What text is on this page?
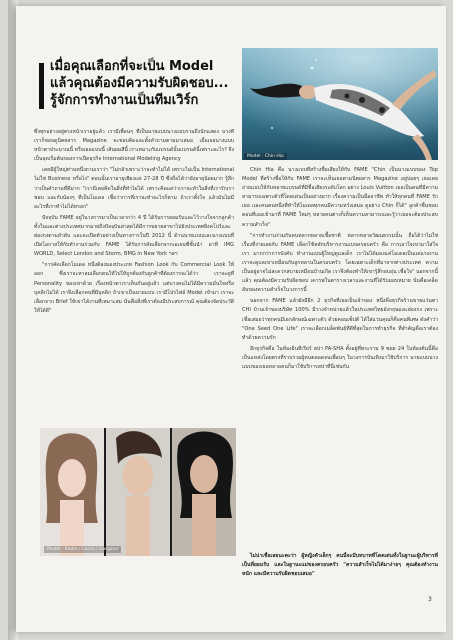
เมื่อคุณเลือกที่จะเป็น Model
แล้วคุณต้องมีความรับผิดชอบ...
รู้จักการทำงานเป็นทีมเวิร์ก
Model : Chin Hia

ซึ่งทุกอย่างอยู่ตรงหน้าเราอยู่แล้ว เรามีเพื่อนๆ ที่เป็นนายแบบนางแบบรวมถึงนักแสดง บางทีเราก็ชอบดูนิตยสาร Magazine จะชอบคิดและตั้งคำถามตามมาเสมอ เมื่อเจอนางแบบหน้าตาประมาณนี้ หรือเธอแบบนี้ เส้นผมสีนี้ เราเหมาะกับแบรนด์นั้นแบรนด์นี้เพราะอะไร? จึงเป็นจุดเริ่มต้นของการเปิดธุรกิจ International Modeling Agency

เคยมีผู้ใหญ่ท่านหนึ่งถามเราว่า "ไม่กลัวเพราะว่าจะทำไม่ได้ เพราะไม่เป็น International ไม่ใช่ Business หรือไง" ตอนนั้นเราอายุเพียงแค่ 27-28 ปี ซึ่งถือได้ว่ายังอายุน้อยมาก รู้สึกว่าเป็นคำถามที่ดีมาก "เรามีเคยคิดในสิ่งที่ทำไม่ได้ เพราะคิดแค่ว่าเราจะทำในสิ่งที่เรารักเราชอบ และกับน้องๆ ที่เป็นโมเดล เชื่อว่าการที่เราจะทำอะไรก็ตาม ถ้าเราตั้งใจ แล้วมันไม่มีอะไรที่เราทำไม่ได้หรอก"

ปัจจุบัน FAME อยู่ในวงการมาเป็นเวลากว่า 4 ปี ได้รับการยอมรับและไว้วางใจจากลูกค้าทั้งในและต่างประเทศมากมายถึงปัจจุบันล่าสุดได้มีการขยายสาขาไปยังประเทศสิงคโปร์และฮ่องกงตามลำดับ และจะเปิดตัวอย่างเป็นทางการในปี 2012 นี้ ด้านนายแบบและนางแบบที่เปิดโอกาสให้กับทำงานร่วมกับ FAME ได้รับการคัดเลือกจากเอเจนซี่ชั้นนำ อาทิ IMG WORLD, Select London and Storm, BMG in New York ฯลฯ

"การคัดเลือกโมเดล หนึ่งต้องมองประเภท Fashion Look กับ Commercial Look ให้ออก ซึ่งเราจะหาลมเลือกคนให้ไปให้ถูกต้องกับลูกค้าที่ต้องการจะได้ว่า เราจะดูที่ Personality ของเขาด้วย เรื่องหน้าตาเราเห็นกันอยู่แล้ว แต่บางคนไม่ได้มีความมั่นใจหรือบุคลิกไม่ได้ เราจึงเลือกคนที่มีบุคลิก ถ้าเขาเป็นนายแบบ เรามีโปรไฟล์ Model เข้ามา เราจะเลือกจาก Brief ให้เขาได้งานที่เหมาะสม นั่นคือสิ่งที่เราต้องมีประสบการณ์ คุณต้องจัดประวัติให้ได้ดี"

Model : Kadin / Laszo / Gargana

Chin Hia คือ นางแบบที่สร้างชื่อเสียงให้กับ FAME "Chin เป็นนางแบบของ Top Model ที่สร้างชื่อให้กับ FAME เราจะเห็นเธอตามนิตยสาร Magazine อยู่บ่อยๆ เธอเคยถ่ายแบบให้กับหลายแบรนด์ที่มีชื่อเสียงระดับโลก อย่าง Louis Vuitton เธอเป็นคนที่มีความสามารถเฉพาะตัวที่โดดเด่นเป็นอย่างมาก เรื่องความเป็นมืออาชีพ ทำให้ทุกคนที่ FAME รักเธอ และคนคนหนึ่งที่ทำให้โมเดลทุกคนมีความหวังเสมอ ดูอย่าง Chin ก็ได้" ลูกค้าชื่นชอบ ตอนที่เธอเข้ามาที่ FAME ใหม่ๆ หลายคนต่างก็เห็นความสามารถและรู้ว่าเธอจะต้องประสบความสำเร็จ"

"การทำงานร่วมกับคนหลากหลายเชื้อชาติ หลากหลายวัฒนธรรมนั้น ถือได้ว่าไม่ใช่เรื่องที่ง่ายเลยกับ FAME เลือกใช้หลักบริหารงานแบบครอบครัว คือ การเอาใจเขามาใส่ใจเรา มากกว่าการบังคับ ทำงานแบบผู้ใหญ่ดูแลเด็ก เราไม่ได้มองแค่โมเดลเป็นแค่แรงงาน เราจะดูแลเขาเหมือนกับลูกหลานในครอบครัว โดยเฉพาะเด็กที่มาจากต่างประเทศ ความเป็นอยู่อาจไม่สะดวกสบายเหมือนบ้านเกิด เราจึงต้องทำให้เขารู้สึกอบอุ่น เชื่อใจ" นอกจากนี้แล้ว คุณต้องมีความรับผิดชอบ เคารพในตารางเวลาและงานที่ได้รับมอบหมาย นั่นคือเคล็ดลับของความสำเร็จในวงการนี้

นอกจาก FAME แล้วยังมีอีก 2 ธุรกิจที่เธอเป็นเจ้าของ หนึ่งคือธุรกิจร้านขายแว่นตา CHI บ้านเจ้าของบริษัท 100% มีวางจำหน่ายแล้วในประเทศไทยอังกฤษและฮ่องกง เพราะเชื่อเสมอว่าทุกคนมีเอกลักษณ์เฉพาะตัว ด้วยคอนเซ็ปต์ ได้ใส่แว่นคุณก็คือคนพิเศษ ดังคำว่า "One Seed One Life" เราจะเลือกเมล็ดพันธุ์ที่ดีที่สุดในการทำธุรกิจ ที่สำคัญคือเราต้องทำด้วยความรัก

อีกธุรกิจคือ ในห้องอินทีเรียร์ สปา PA-SHA ตั้งอยู่ที่พระราม 9 ซอย 24 ในห้องต้นนี้คือเป็นแหล่งโดยตรงที่รวบรวมผู้คนตลอดจนเพื่อนๆ ในวงการบันเทิงมาใช้บริการ นายแบบนางแบบของเธอหลายคนก็มาใช้บริการสปาที่นี่เช่นกัน

ไม่น่าเชื่อเลยนะคะว่า ผู้หญิงตัวเล็กๆ คนนี้จะมีบทบาทที่โดดเด่นทั้งในฐานะผู้บริหารที่เป็นที่ยอมรับ และในฐานะแม่ของครอบครัว "ความสำเร็จไม่ได้มาง่ายๆ คุณต้องทำงานหนัก และมีความรับผิดชอบเสมอ"

3
